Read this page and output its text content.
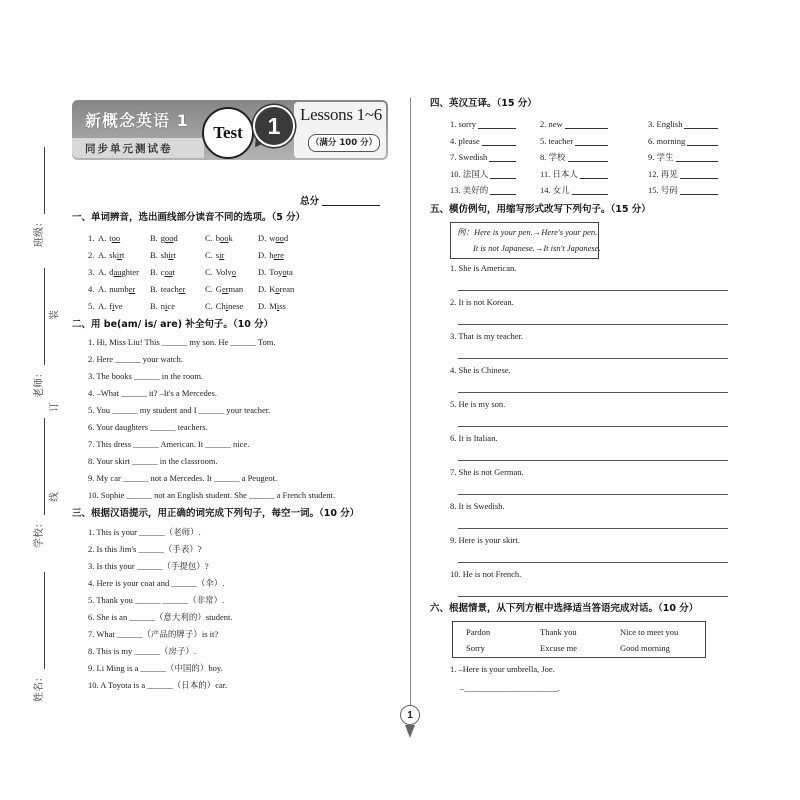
班级：
老师：
学校：
姓名：
装
订
线
新概念英语 1
同步单元测试卷
Test	1	Lessons 1~6
（满分 100 分）
总分
一、单词辨音，选出画线部分读音不同的选项。（5 分）
1. A. too	B. good	C. book	D. wood
2. A. skirt	B. shirt	C. sir	D. here
3. A. daughter B. coat	C. Volvo	D. Toyota
4. A. number B. teacher C. German D. Korean
5. A. five	B. nice	C. Chinese D. Miss
二、用 be(am/ is/ are) 补全句子。（10 分）
1. Hi, Miss Liu! This ______ my son. He ______ Tom.
2. Here ______ your watch.
3. The books ______ in the room.
4. –What ______ it? –It's a Mercedes.
5. You ______ my student and I ______ your teacher.
6. Your daughters ______ teachers.
7. This dress ______ American. It ______ nice.
8. Your skirt ______ in the classroom.
9. My car ______ not a Mercedes. It ______ a Peugeot.
10. Sophie ______ not an English student. She ______ a French student.
三、根据汉语提示，用正确的词完成下列句子，每空一词。（10 分）
1. This is your ______（老师）.
2. Is this Jim's ______（手表）?
3. Is this your ______（手提包）?
4. Here is your coat and ______（伞）.
5. Thank you ______ ______（非常）.
6. She is an ______（意大利的）student.
7. What ______（产品的牌子）is it?
8. This is my ______（房子）.
9. Li Ming is a ______（中国的）boy.
10. A Toyota is a ______（日本的）car.
四、英汉互译。（15 分）
1. sorry	2. new	3. English
4. please	5. teacher	6. morning
7. Swedish	8. 学校	9. 学生
10. 法国人	11. 日本人	12. 再见
13. 美好的	14. 女儿	15. 号码
五、模仿例句，用缩写形式改写下列句子。（15 分）
例：Here is your pen.→Here's your pen.
It is not Japanese.→It isn't Japanese.
1. She is American.
2. It is not Korean.
3. That is my teacher.
4. She is Chinese.
5. He is my son.
6. It is Italian.
7. She is not German.
8. It is Swedish.
9. Here is your skirt.
10. He is not French.
六、根据情景，从下列方框中选择适当答语完成对话。（10 分）
Pardon	Thank you	Nice to meet you
Sorry	Excuse me	Good morning
1. –Here is your umbrella, Joe.
–______________________.
1
